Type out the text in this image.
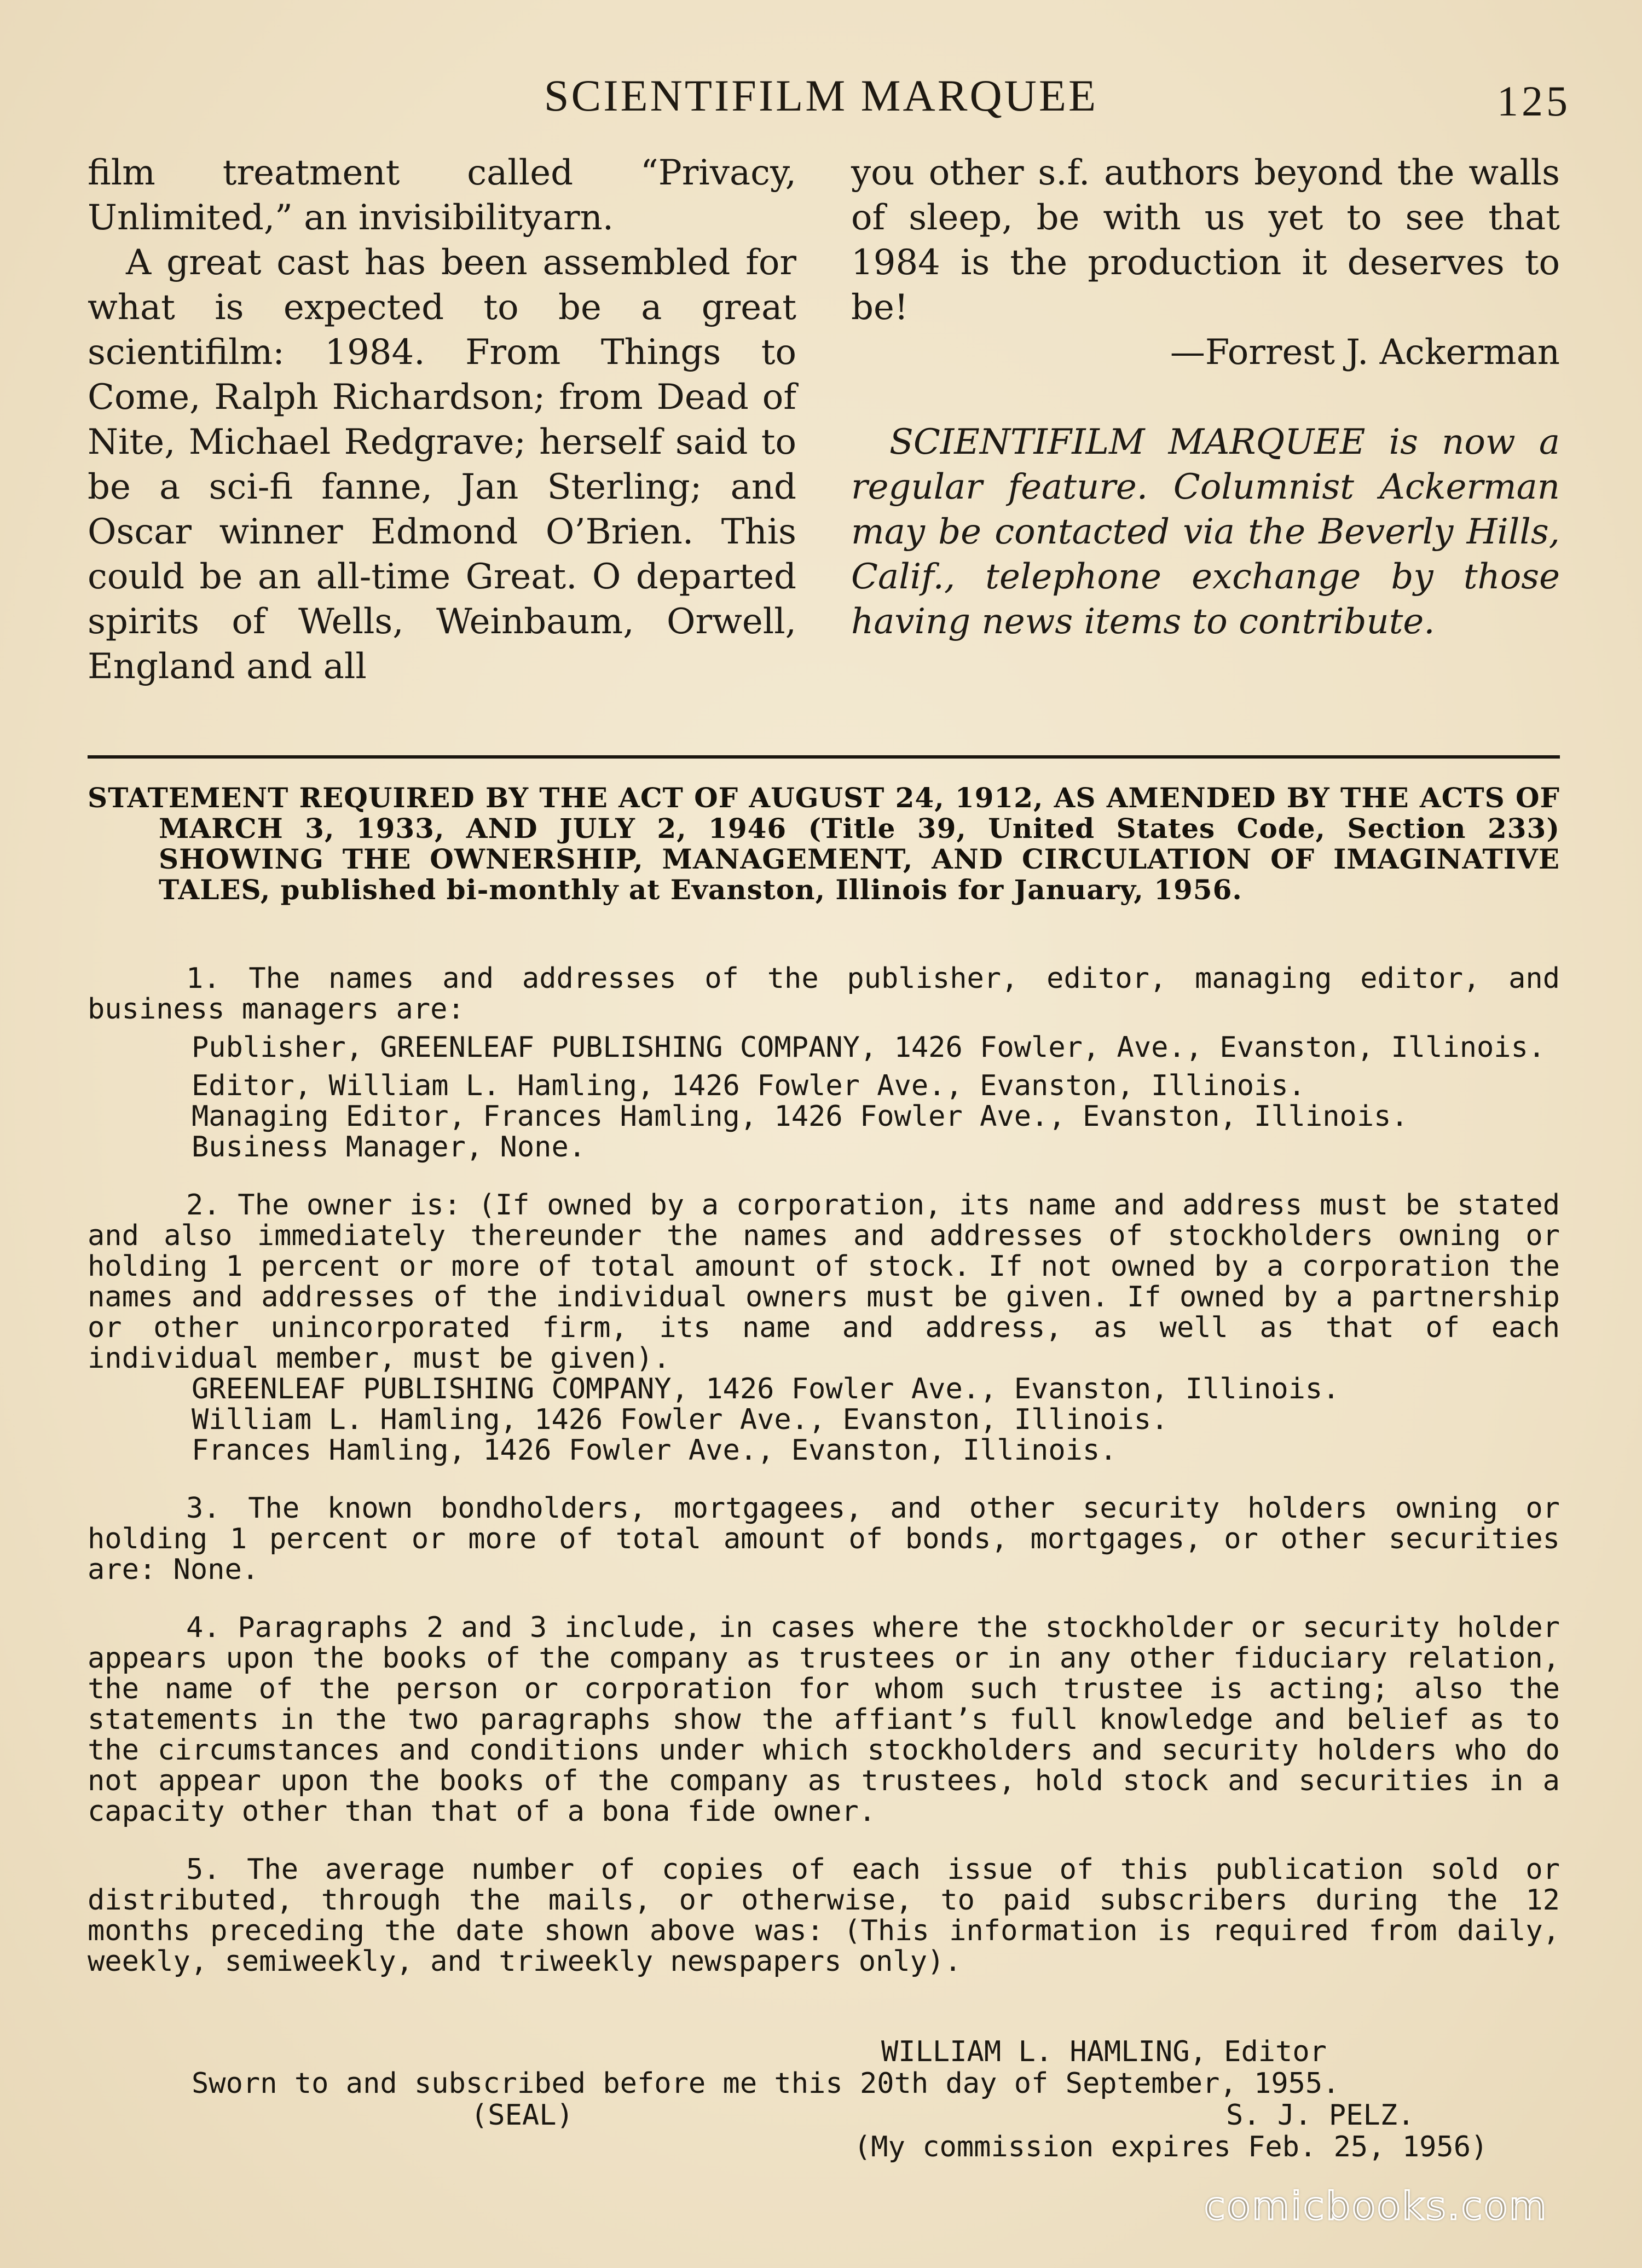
SCIENTIFILM MARQUEE	125

film treatment called “Privacy, Unlimited,” an invisibilityarn.

A great cast has been assembled for what is expected to be a great scientifilm: 1984. From Things to Come, Ralph Richardson; from Dead of Nite, Michael Redgrave; herself said to be a sci-fi fanne, Jan Sterling; and Oscar winner Edmond O’Brien. This could be an all-time Great. O departed spirits of Wells, Weinbaum, Orwell, England and all

you other s.f. authors beyond the walls of sleep, be with us yet to see that 1984 is the production it deserves to be!

—Forrest J. Ackerman

SCIENTIFILM MARQUEE is now a regular feature. Columnist Ackerman may be contacted via the Beverly Hills, Calif., telephone exchange by those having news items to contribute.

STATEMENT REQUIRED BY THE ACT OF AUGUST 24, 1912, AS AMENDED BY THE ACTS OF MARCH 3, 1933, AND JULY 2, 1946 (Title 39, United States Code, Section 233) SHOWING THE OWNERSHIP, MANAGEMENT, AND CIRCULATION OF IMAGINATIVE TALES, published bi-monthly at Evanston, Illinois for January, 1956.

1. The names and addresses of the publisher, editor, managing editor, and business managers are:

Publisher, GREENLEAF PUBLISHING COMPANY, 1426 Fowler, Ave., Evanston, Illinois.

Editor, William L. Hamling, 1426 Fowler Ave., Evanston, Illinois.

Managing Editor, Frances Hamling, 1426 Fowler Ave., Evanston, Illinois.

Business Manager, None.

2. The owner is: (If owned by a corporation, its name and address must be stated and also immediately thereunder the names and addresses of stockholders owning or holding 1 percent or more of total amount of stock. If not owned by a corporation the names and addresses of the individual owners must be given. If owned by a partnership or other unincorporated firm, its name and address, as well as that of each individual member, must be given).

GREENLEAF PUBLISHING COMPANY, 1426 Fowler Ave., Evanston, Illinois.

William L. Hamling, 1426 Fowler Ave., Evanston, Illinois.

Frances Hamling, 1426 Fowler Ave., Evanston, Illinois.

3. The known bondholders, mortgagees, and other security holders owning or holding 1 percent or more of total amount of bonds, mortgages, or other securities are: None.

4. Paragraphs 2 and 3 include, in cases where the stockholder or security holder appears upon the books of the company as trustees or in any other fiduciary relation, the name of the person or corporation for whom such trustee is acting; also the statements in the two paragraphs show the affiant’s full knowledge and belief as to the circumstances and conditions under which stockholders and security holders who do not appear upon the books of the company as trustees, hold stock and securities in a capacity other than that of a bona fide owner.

5. The average number of copies of each issue of this publication sold or distributed, through the mails, or otherwise, to paid subscribers during the 12 months preceding the date shown above was: (This information is required from daily, weekly, semiweekly, and triweekly newspapers only).

WILLIAM L. HAMLING, Editor
Sworn to and subscribed before me this 20th day of September, 1955.
(SEAL)	S. J. PELZ.
(My commission expires Feb. 25, 1956)
comicbooks.com
